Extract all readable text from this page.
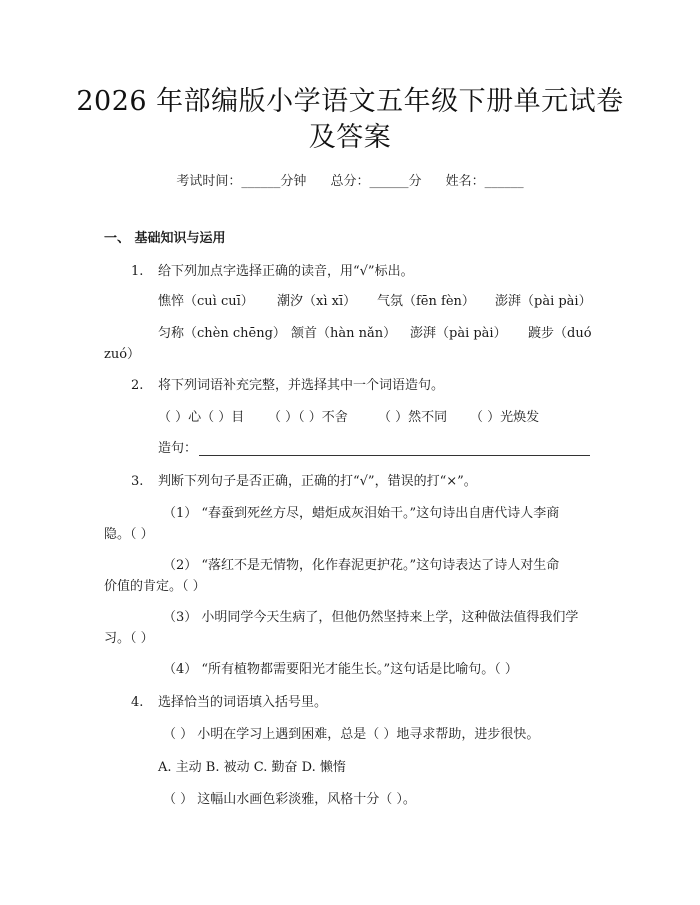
2026 年部编版小学语文五年级下册单元试卷
及答案
考试时间：______分钟 总分：______分 姓名：______
一、 基础知识与运用
1. 给下列加点字选择正确的读音，用“√”标出。
憔悴（cuì cuī） 潮汐（xì xī） 气氛（fēn fèn） 澎湃（pài pài）
匀称（chèn chēng） 颔首（hàn nǎn） 澎湃（pài pài） 踱步（duó
zuó）
2. 将下列词语补充完整，并选择其中一个词语造句。
（ ）心（ ）目 （ ）（ ）不舍 （ ）然不同 （ ）光焕发
造句：
3. 判断下列句子是否正确，正确的打“√”，错误的打“×”。
（1） “春蚕到死丝方尽，蜡炬成灰泪始干。”这句诗出自唐代诗人李商
隐。（ ）
（2） “落红不是无情物，化作春泥更护花。”这句诗表达了诗人对生命
价值的肯定。（ ）
（3） 小明同学今天生病了，但他仍然坚持来上学，这种做法值得我们学
习。（ ）
（4） “所有植物都需要阳光才能生长。”这句话是比喻句。（ ）
4. 选择恰当的词语填入括号里。
（ ） 小明在学习上遇到困难，总是（ ）地寻求帮助，进步很快。
A. 主动 B. 被动 C. 勤奋 D. 懒惰
（ ） 这幅山水画色彩淡雅，风格十分（ ）。
